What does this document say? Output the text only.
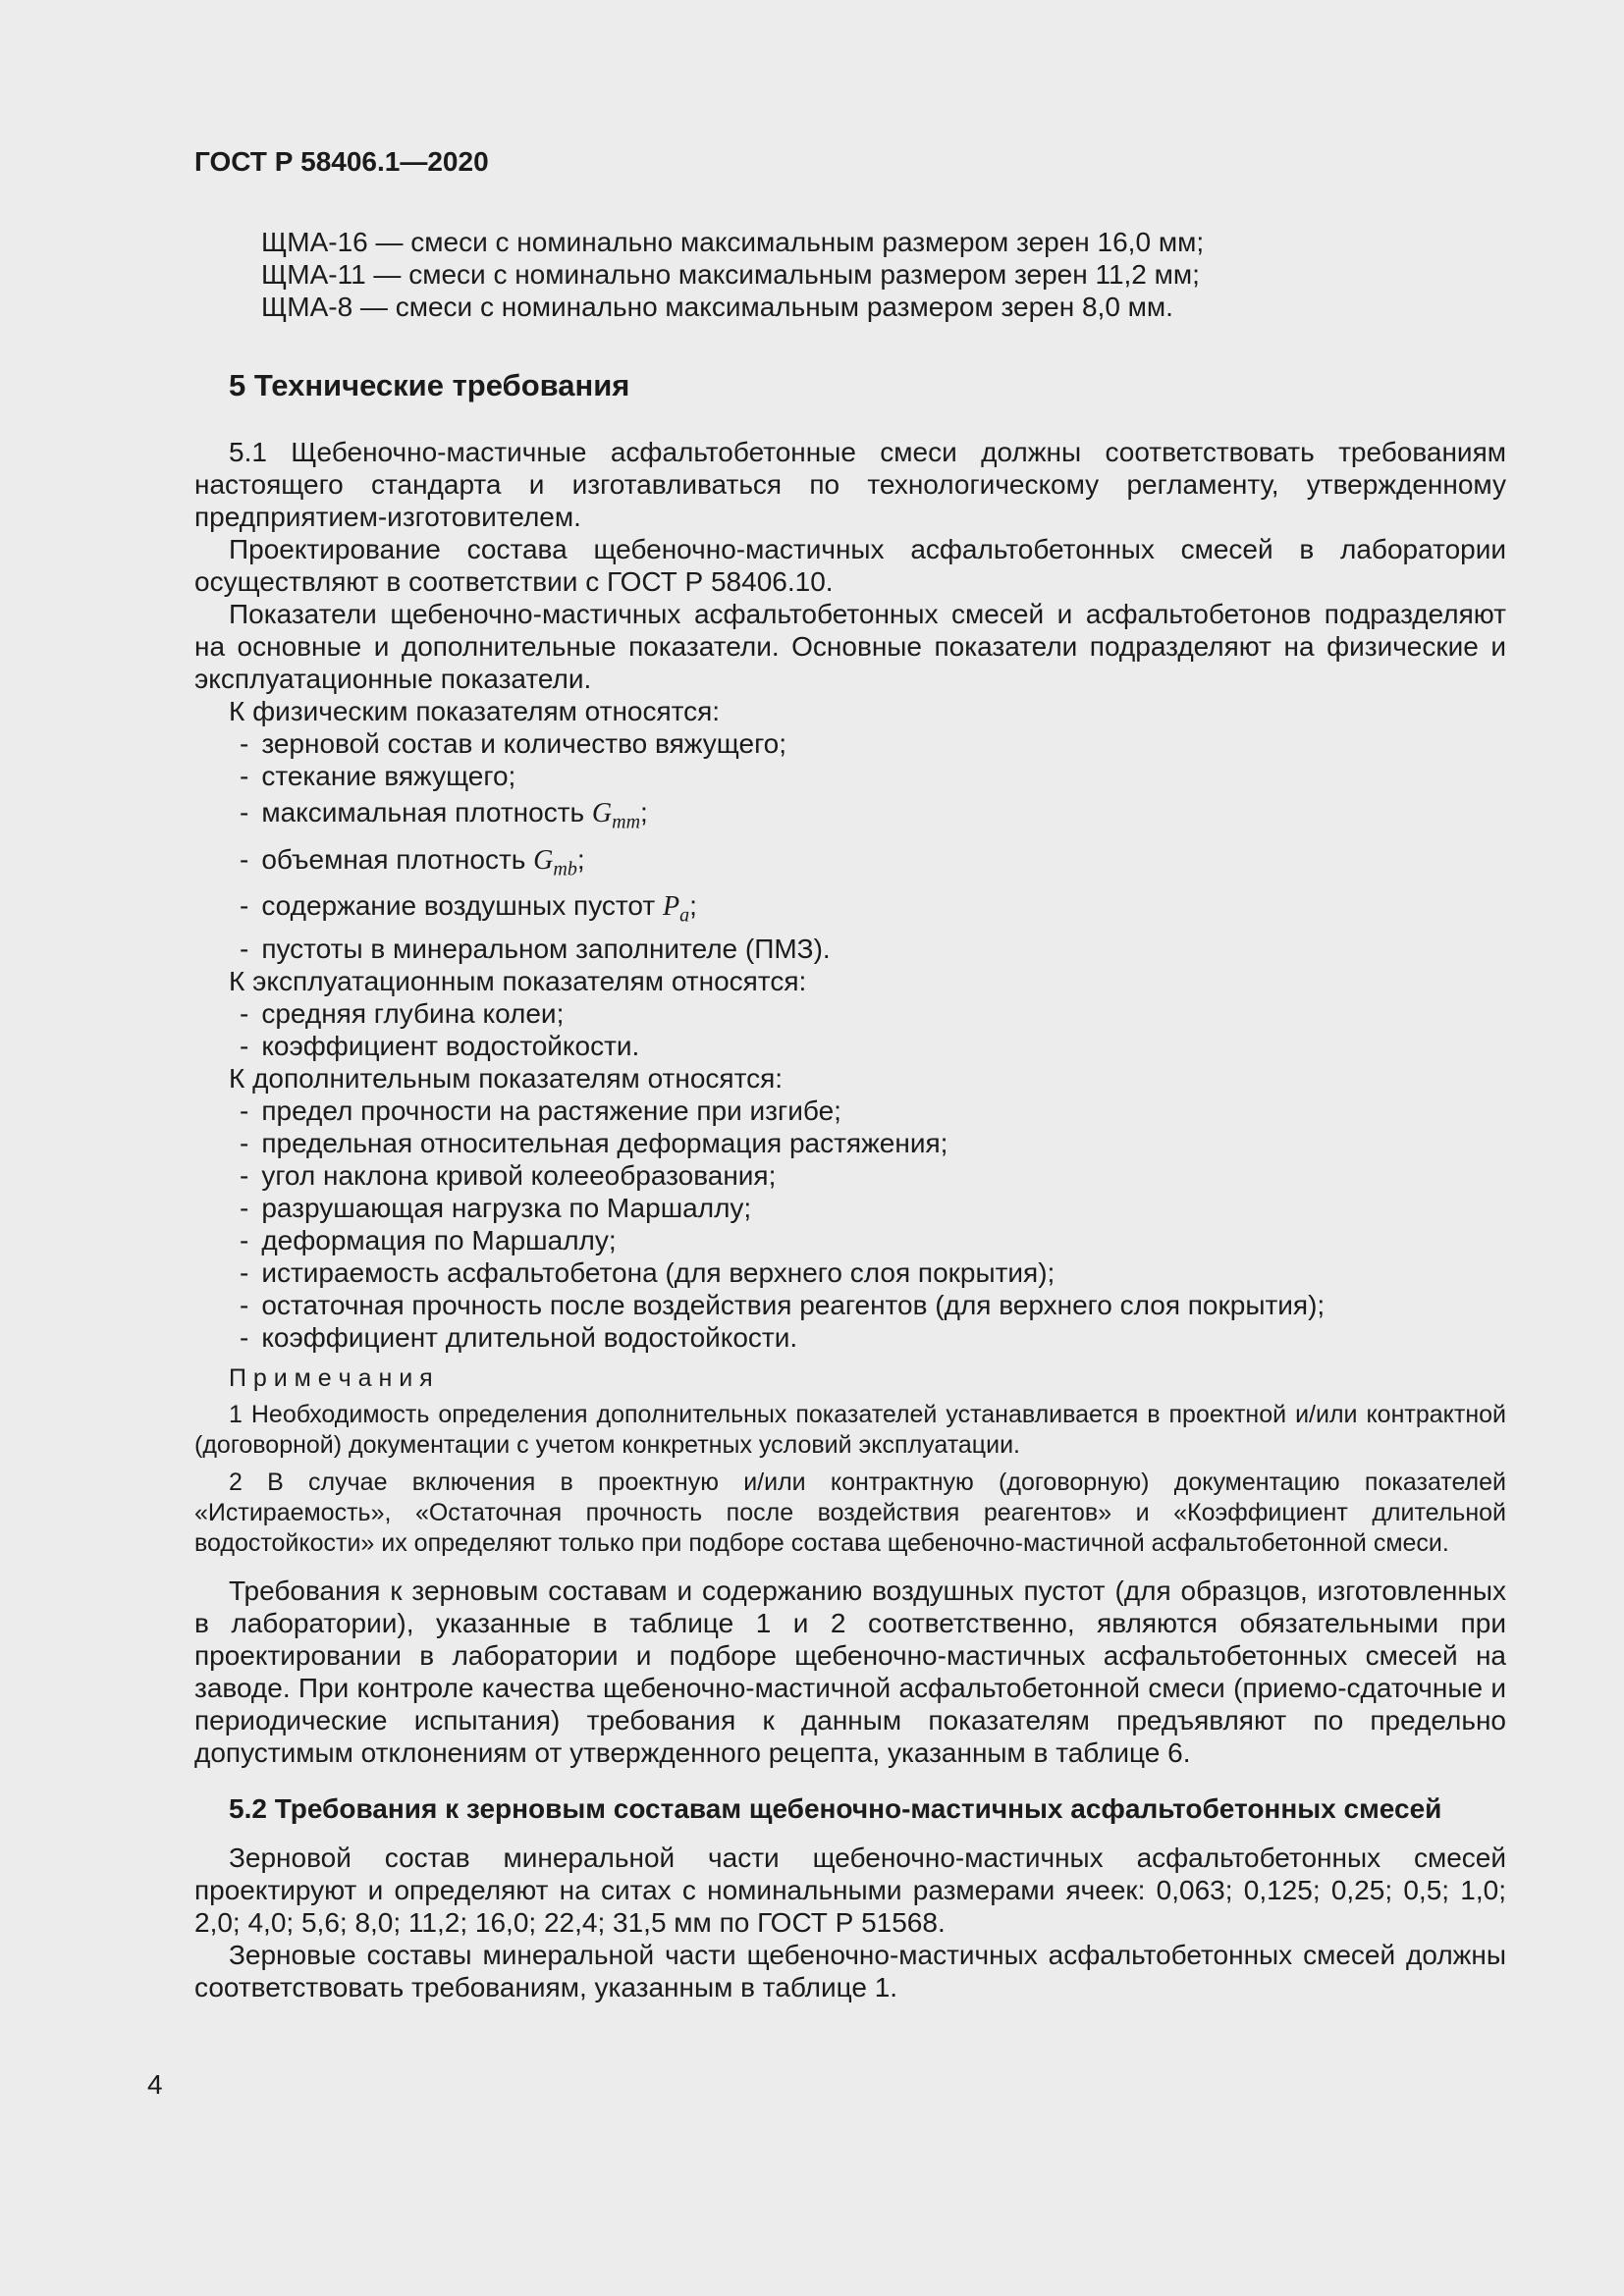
ГОСТ Р 58406.1—2020
ЩМА-16 — смеси с номинально максимальным размером зерен 16,0 мм;
ЩМА-11 — смеси с номинально максимальным размером зерен 11,2 мм;
ЩМА-8 — смеси с номинально максимальным размером зерен 8,0 мм.
5 Технические требования

5.1 Щебеночно-мастичные асфальтобетонные смеси должны соответствовать требованиям настоящего стандарта и изготавливаться по технологическому регламенту, утвержденному предприятием-изготовителем.

Проектирование состава щебеночно-мастичных асфальтобетонных смесей в лаборатории осуществляют в соответствии с ГОСТ Р 58406.10.

Показатели щебеночно-мастичных асфальтобетонных смесей и асфальтобетонов подразделяют на основные и дополнительные показатели. Основные показатели подразделяют на физические и эксплуатационные показатели.

К физическим показателям относятся:
- зерновой состав и количество вяжущего;
- стекание вяжущего;
- максимальная плотность $G_{mm}$;
- объемная плотность $G_{mb}$;
- содержание воздушных пустот $P_a$;
- пустоты в минеральном заполнителе (ПМЗ).
К эксплуатационным показателям относятся:
- средняя глубина колеи;
- коэффициент водостойкости.
К дополнительным показателям относятся:
- предел прочности на растяжение при изгибе;
- предельная относительная деформация растяжения;
- угол наклона кривой колееобразования;
- разрушающая нагрузка по Маршаллу;
- деформация по Маршаллу;
- истираемость асфальтобетона (для верхнего слоя покрытия);
- остаточная прочность после воздействия реагентов (для верхнего слоя покрытия);
- коэффициент длительной водостойкости.
П р и м е ч а н и я

1 Необходимость определения дополнительных показателей устанавливается в проектной и/или контрактной (договорной) документации с учетом конкретных условий эксплуатации.

2 В случае включения в проектную и/или контрактную (договорную) документацию показателей «Истираемость», «Остаточная прочность после воздействия реагентов» и «Коэффициент длительной водостойкости» их определяют только при подборе состава щебеночно-мастичной асфальтобетонной смеси.

Требования к зерновым составам и содержанию воздушных пустот (для образцов, изготовленных в лаборатории), указанные в таблице 1 и 2 соответственно, являются обязательными при проектировании в лаборатории и подборе щебеночно-мастичных асфальтобетонных смесей на заводе. При контроле качества щебеночно-мастичной асфальтобетонной смеси (приемо-сдаточные и периодические испытания) требования к данным показателям предъявляют по предельно допустимым отклонениям от утвержденного рецепта, указанным в таблице 6.

5.2 Требования к зерновым составам щебеночно-мастичных асфальтобетонных смесей

Зерновой состав минеральной части щебеночно-мастичных асфальтобетонных смесей проектируют и определяют на ситах с номинальными размерами ячеек: 0,063; 0,125; 0,25; 0,5; 1,0; 2,0; 4,0; 5,6; 8,0; 11,2; 16,0; 22,4; 31,5 мм по ГОСТ Р 51568.

Зерновые составы минеральной части щебеночно-мастичных асфальтобетонных смесей должны соответствовать требованиям, указанным в таблице 1.

4
